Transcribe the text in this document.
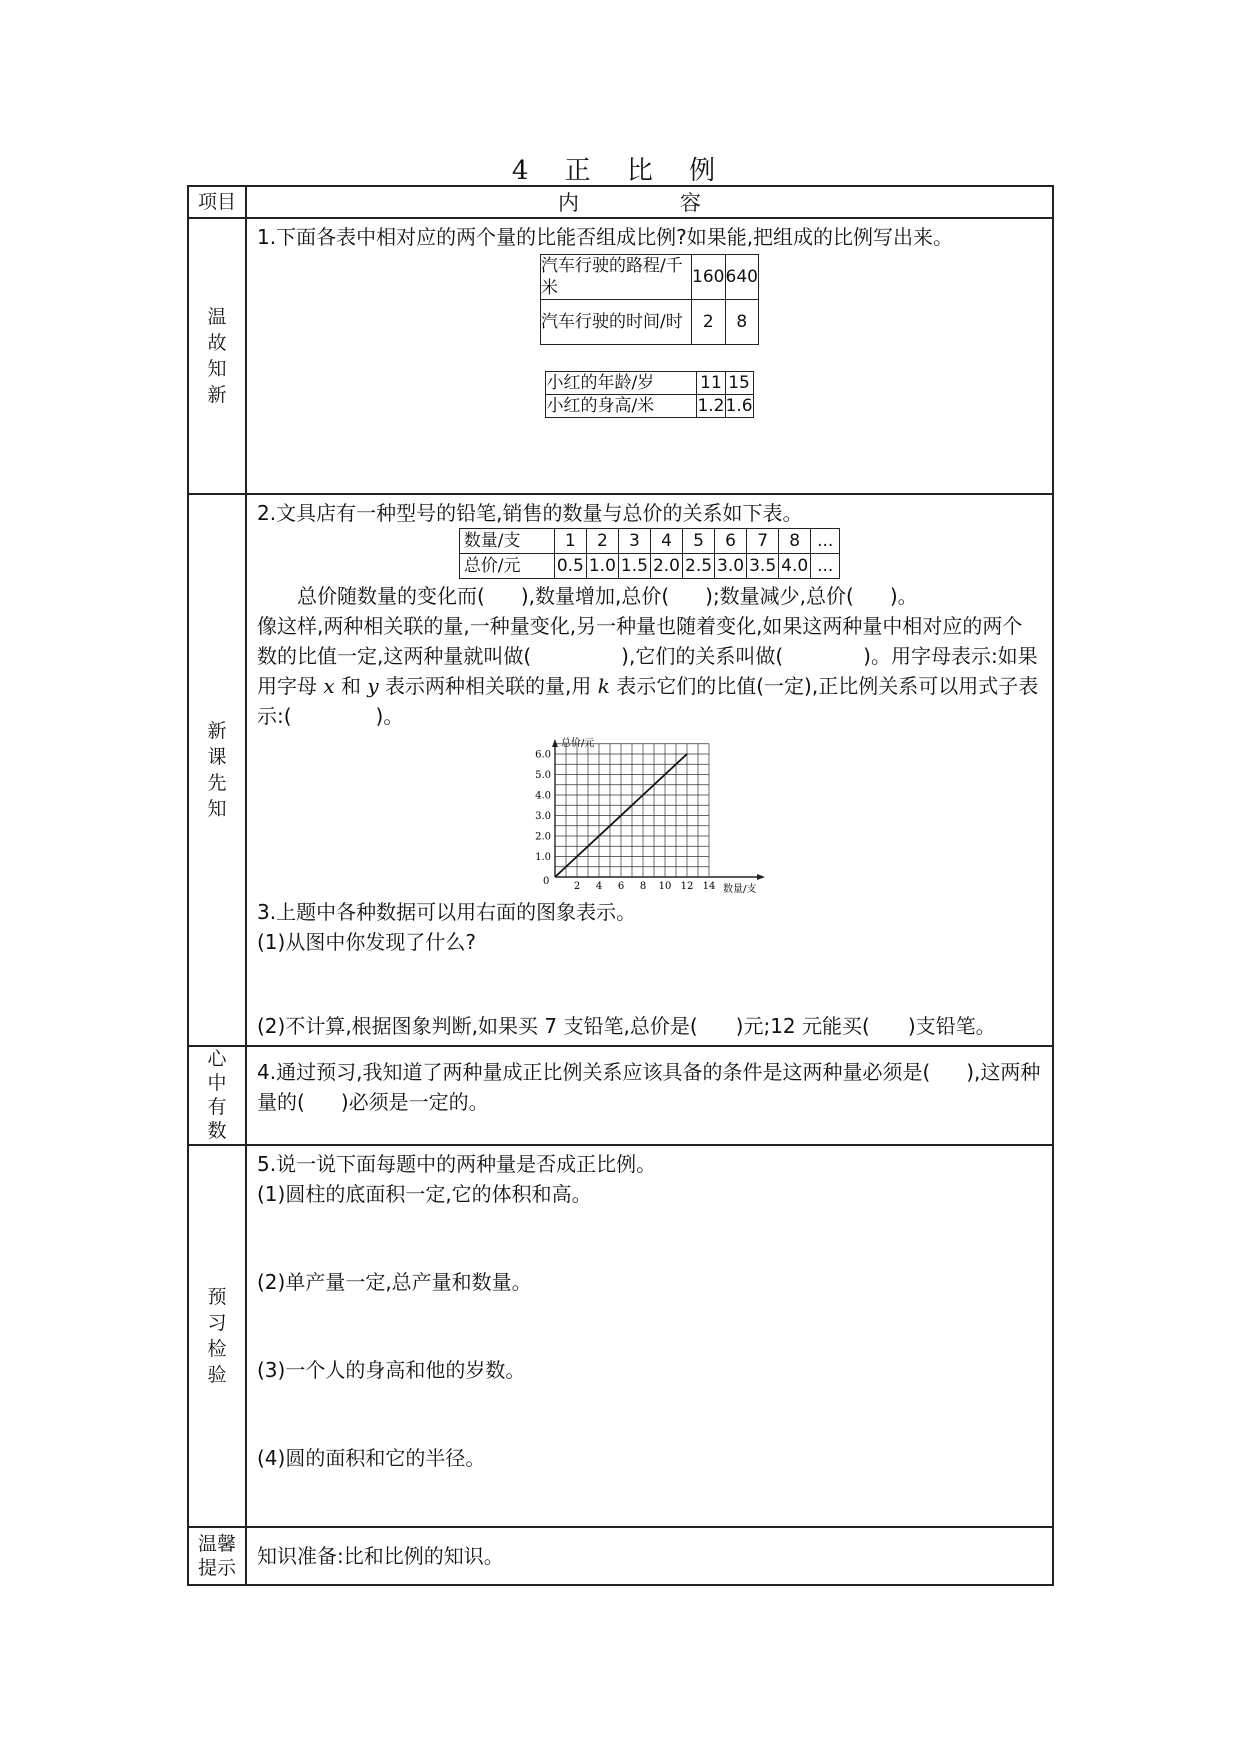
4 正 比 例
项目	内　容
温故知新	

1.下面各表中相对应的两个量的比能否组成比例?如果能,把组成的比例写出来。

汽车行驶的路程/千米	160	640
汽车行驶的时间/时	2	8
小红的年龄/岁	11	15
小红的身高/米	1.2	1.6

新课先知	

2.文具店有一种型号的铅笔,销售的数量与总价的关系如下表。

数量/支	1	2	3	4	5	6	7	8	...
总价/元	0.5	1.0	1.5	2.0	2.5	3.0	3.5	4.0	...

总价随数量的变化而( ),数量增加,总价( );数量减少,总价( )。

像这样,两种相关联的量,一种量变化,另一种量也随着变化,如果这两种量中相对应的两个数的比值一定,这两种量就叫做(	),它们的关系叫做(	)。用字母表示:如果用字母 x 和 y 表示两种相关联的量,用 k 表示它们的比值(一定),正比例关系可以用式子表示:(	)。

总价/元
数量/支
0 2 4 6 8 10 12 14
1.0
2.0
3.0
4.0
5.0
6.0

3.上题中各种数据可以用右面的图象表示。

(1)从图中你发现了什么?

(2)不计算,根据图象判断,如果买 7 支铅笔,总价是( )元;12 元能买( )支铅笔。

心中有数	

4.通过预习,我知道了两种量成正比例关系应该具备的条件是这两种量必须是( ),这两种量的( )必须是一定的。

预习检验	

5.说一说下面每题中的两种量是否成正比例。

(1)圆柱的底面积一定,它的体积和高。

(2)单产量一定,总产量和数量。

(3)一个人的身高和他的岁数。

(4)圆的面积和它的半径。

温馨提示	知识准备:比和比例的知识。
